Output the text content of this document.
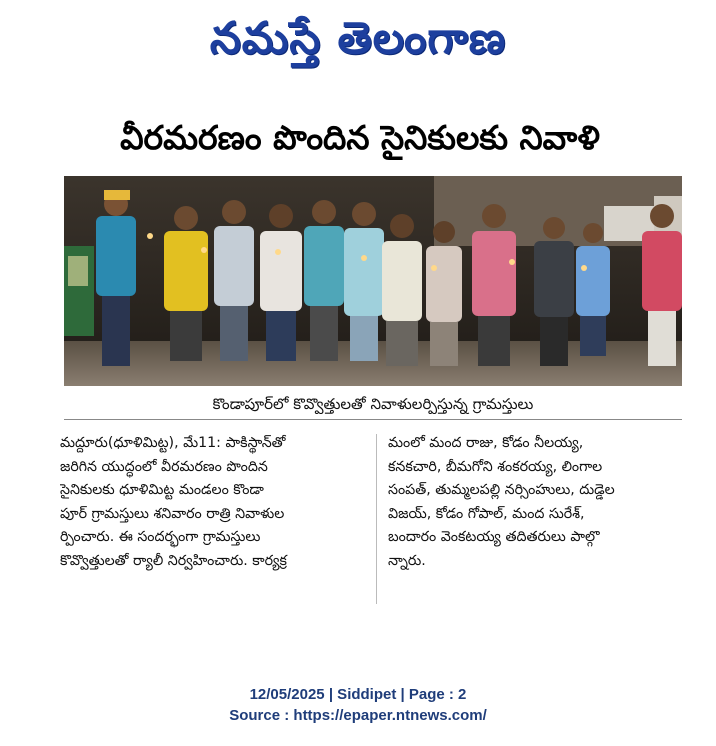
నమస్తే తెలంగాణ
వీరమరణం పొందిన సైనికులకు నివాళి
కొండాపూర్‌లో కొవ్వొత్తులతో నివాళులర్పిస్తున్న గ్రామస్తులు
మద్దూరు(ధూళిమిట్ట), మే11: పాకిస్థాన్‌తో
జరిగిన యుద్ధంలో వీరమరణం పొందిన
సైనికులకు ధూళిమిట్ట మండలం కొండా
పూర్ గ్రామస్తులు శనివారం రాత్రి నివాళుల
ర్పించారు. ఈ సందర్భంగా గ్రామస్తులు
కొవ్వొత్తులతో ర్యాలీ నిర్వహించారు. కార్యక్ర
మంలో మంద రాజు, కోడం నీలయ్య,
కనకచారి, బీమగోని శంకరయ్య, లింగాల
సంపత్, తుమ్మలపల్లి నర్సింహులు, దుడ్డెల
విజయ్, కోడం గోపాల్, మంద సురేశ్,
బందారం వెంకటయ్య తదితరులు పాల్గొ
న్నారు.
12/05/2025 | Siddipet | Page : 2
Source : https://epaper.ntnews.com/
